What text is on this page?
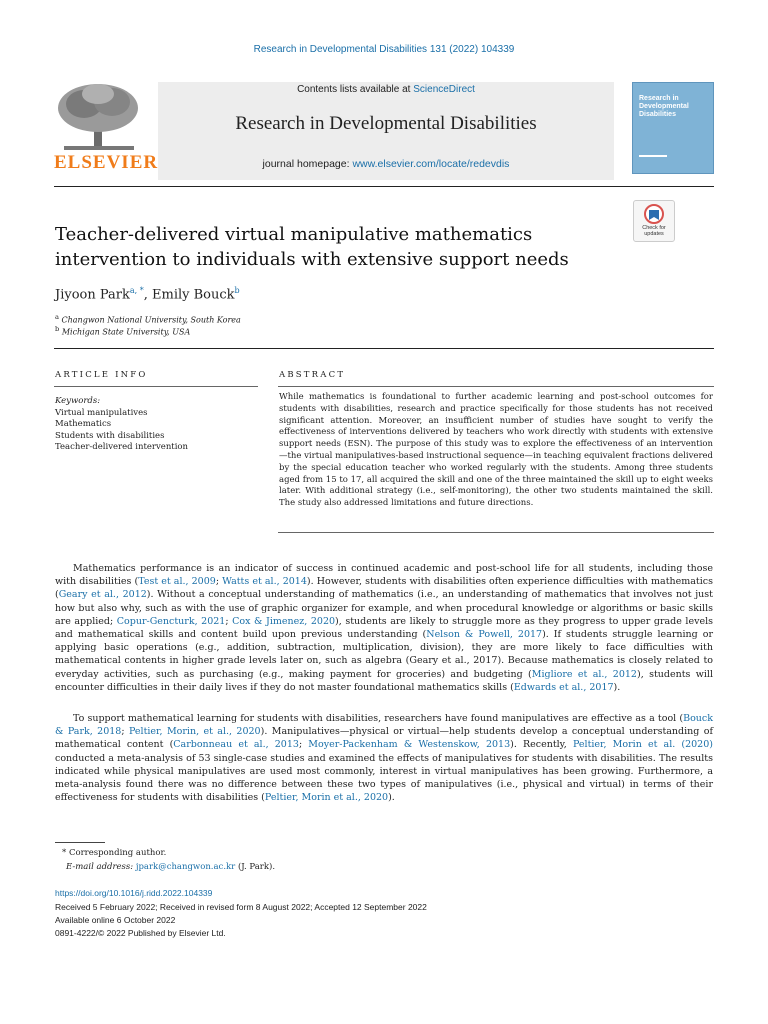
Research in Developmental Disabilities 131 (2022) 104339
ELSEVIER
Contents lists available at ScienceDirect
Research in Developmental Disabilities
journal homepage: www.elsevier.com/locate/redevdis
Research in Developmental Disabilities
Check for updates
Teacher-delivered virtual manipulative mathematics intervention to individuals with extensive support needs
Jiyoon Park$^{a, *}$, Emily Bouck$^b$
$^a$ Changwon National University, South Korea
$^b$ Michigan State University, USA
ARTICLE INFO
Keywords:
Virtual manipulatives
Mathematics
Students with disabilities
Teacher-delivered intervention
ABSTRACT
While mathematics is foundational to further academic learning and post-school outcomes for students with disabilities, research and practice specifically for those students has not received significant attention. Moreover, an insufficient number of studies have sought to verify the effectiveness of interventions delivered by teachers who work directly with students with extensive support needs (ESN). The purpose of this study was to explore the effectiveness of an intervention—the virtual manipulatives-based instructional sequence—in teaching equivalent fractions delivered by the special education teacher who worked regularly with the students. Among three students aged from 15 to 17, all acquired the skill and one of the three maintained the skill up to eight weeks later. With additional strategy (i.e., self-monitoring), the other two students maintained the skill. The study also addressed limitations and future directions.
Mathematics performance is an indicator of success in continued academic and post-school life for all students, including those with disabilities (Test et al., 2009; Watts et al., 2014). However, students with disabilities often experience difficulties with mathematics (Geary et al., 2012). Without a conceptual understanding of mathematics (i.e., an understanding of mathematics that involves not just how but also why, such as with the use of graphic organizer for example, and when procedural knowledge or algorithms or basic skills are applied; Copur-Gencturk, 2021; Cox & Jimenez, 2020), students are likely to struggle more as they progress to upper grade levels and mathematical skills and content build upon previous understanding (Nelson & Powell, 2017). If students struggle learning or applying basic operations (e.g., addition, subtraction, multiplication, division), they are more likely to face difficulties with mathematical contents in higher grade levels later on, such as algebra (Geary et al., 2017). Because mathematics is closely related to everyday activities, such as purchasing (e.g., making payment for groceries) and budgeting (Migliore et al., 2012), students will encounter difficulties in their daily lives if they do not master foundational mathematics skills (Edwards et al., 2017).
To support mathematical learning for students with disabilities, researchers have found manipulatives are effective as a tool (Bouck & Park, 2018; Peltier, Morin, et al., 2020). Manipulatives—physical or virtual—help students develop a conceptual understanding of mathematical content (Carbonneau et al., 2013; Moyer-Packenham & Westenskow, 2013). Recently, Peltier, Morin et al. (2020) conducted a meta-analysis of 53 single-case studies and examined the effects of manipulatives for students with disabilities. The results indicated while physical manipulatives are used most commonly, interest in virtual manipulatives has been growing. Furthermore, a meta-analysis found there was no difference between these two types of manipulatives (i.e., physical and virtual) in terms of their effectiveness for students with disabilities (Peltier, Morin et al., 2020).
* Corresponding author.
E-mail address: jpark@changwon.ac.kr (J. Park).
https://doi.org/10.1016/j.ridd.2022.104339
Received 5 February 2022; Received in revised form 8 August 2022; Accepted 12 September 2022
Available online 6 October 2022
0891-4222/© 2022 Published by Elsevier Ltd.
